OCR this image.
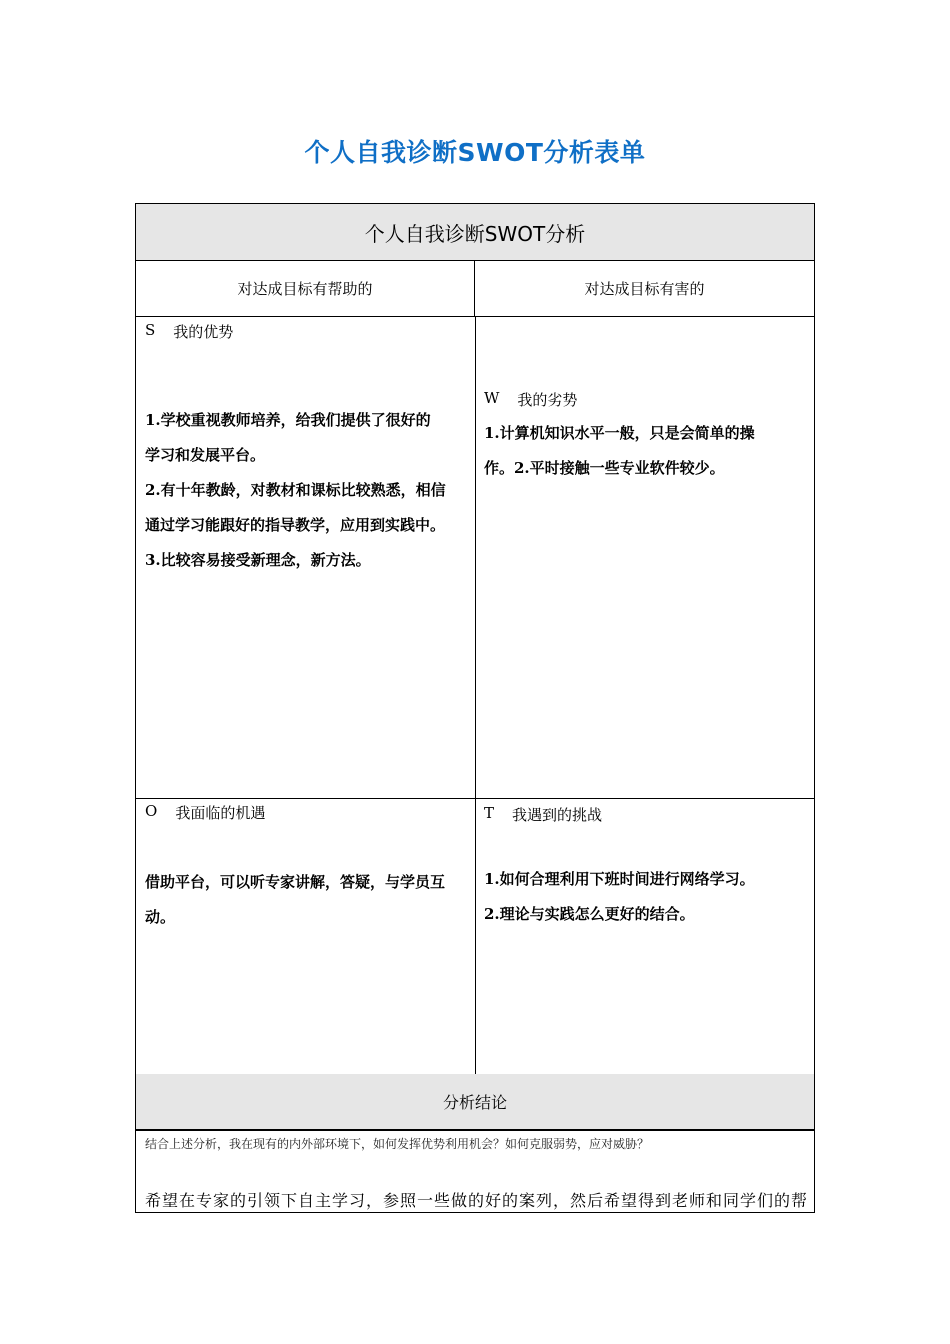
个人自我诊断SWOT分析表单
个人自我诊断SWOT分析
对达成目标有帮助的	对达成目标有害的
S 我的优势
1.学校重视教师培养，给我们提供了很好的
学习和发展平台。
2.有十年教龄，对教材和课标比较熟悉，相信
通过学习能跟好的指导教学，应用到实践中。
3.比较容易接受新理念，新方法。
W 我的劣势
1.计算机知识水平一般，只是会简单的操
作。2.平时接触一些专业软件较少。
O 我面临的机遇
借助平台，可以听专家讲解，答疑，与学员互
动。
T 我遇到的挑战
1.如何合理利用下班时间进行网络学习。
2.理论与实践怎么更好的结合。
分析结论
结合上述分析，我在现有的内外部环境下，如何发挥优势利用机会？如何克服弱势，应对威胁？
希望在专家的引领下自主学习，参照一些做的好的案列，然后希望得到老师和同学们的帮
